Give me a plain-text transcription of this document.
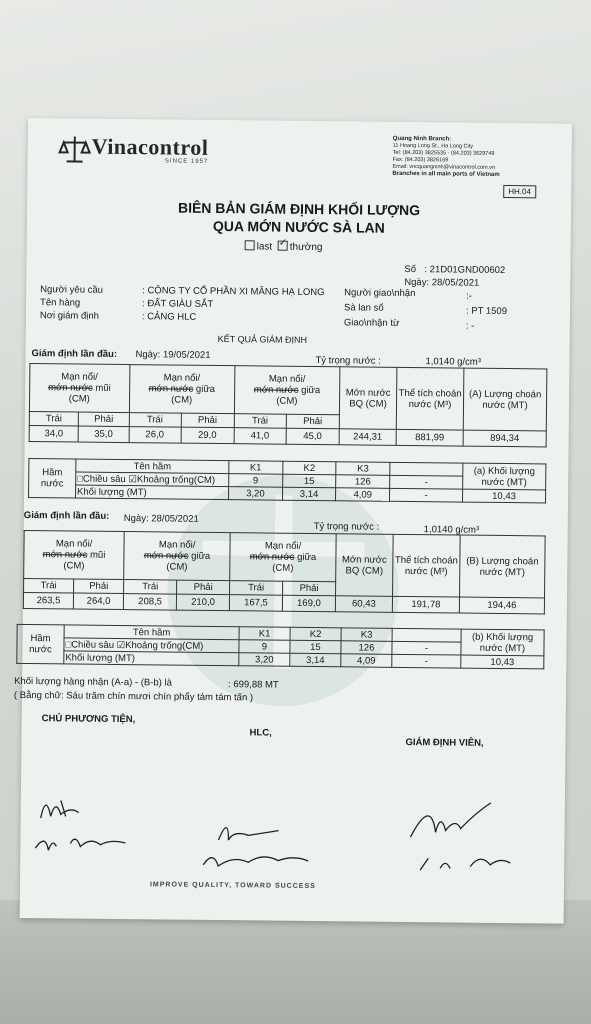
Vinacontrol
SINCE 1957
Quang Ninh Branch:
11 Hoang Long St., Ha Long City
Tel: (84.203) 3825535 - (84.203) 3629749
Fax: (84.203) 3826169
Email: vncquangninh@vinacontrol.com.vn
Branches in all main ports of Vietnam
HH.04
BIÊN BẢN GIÁM ĐỊNH KHỐI LƯỢNG
QUA MỚN NƯỚC SÀ LAN
last ✓ thường
Số : 21D01GND00602
Ngày: 28/05/2021
Người yêu cầu	: CÔNG TY CỔ PHẦN XI MĂNG HẠ LONG Người giao\nhận	:-
Tên hàng	: ĐẤT GIÀU SẮT	Sà lan số	: PT 1509
Nơi giám định	: CẢNG HLC
Giao\nhận từ	: -
KẾT QUẢ GIÁM ĐỊNH
Giám định lần đầu: Ngày: 19/05/2021	Tỷ trọng nước :	1,0140 g/cm³
Mạn nổi/
mớn nước mũi
(CM)		Mạn nổi/
mớn nước giữa
(CM)		Mạn nổi/
mớn nước giữa
(CM)		Mớn nước BQ (CM)	Thể tích choán nước (M³)	(A) Lượng choán nước (MT)
Trái	Phải	Trái	Phải	Trái	Phải			
34,0	35,0	26,0	29,0	41,0	45,0	244,31	881,99	894,34
Hầm nước	Tên hầm	K1	K2	K3		(a) Khối lượng nước (MT)
	□Chiều sâu ☑Khoảng trống(CM)	9	15	126	-	
	Khối lượng (MT)	3,20	3,14	4,09	-	10,43
Giám định lần đầu: Ngày: 28/05/2021
Tỷ trọng nước :	1,0140 g/cm³
Mạn nổi/
mớn nước mũi
(CM)		Mạn nổi/
mớn nước giữa
(CM)		Mạn nổi/
mớn nước giữa
(CM)		Mớn nước BQ (CM)	Thể tích choán nước (M³)	(B) Lượng choán nước (MT)
Trái	Phải	Trái	Phải	Trái	Phải			
263,5	264,0	208,5	210,0	167,5	169,0	60,43	191,78	194,46
Hầm nước	Tên hầm	K1	K2	K3		(b) Khối lượng nước (MT)
	□Chiều sâu ☑Khoảng trống(CM)	9	15	126	-	
	Khối lượng (MT)	3,20	3,14	4,09	-	10,43
Khối lượng hàng nhận (A-a) - (B-b) là	: 699,88 MT
( Bằng chữ: Sáu trăm chín mươi chín phẩy tám tám tấn )
CHỦ PHƯƠNG TIỆN,
HLC,
GIÁM ĐỊNH VIÊN,
IMPROVE QUALITY, TOWARD SUCCESS
